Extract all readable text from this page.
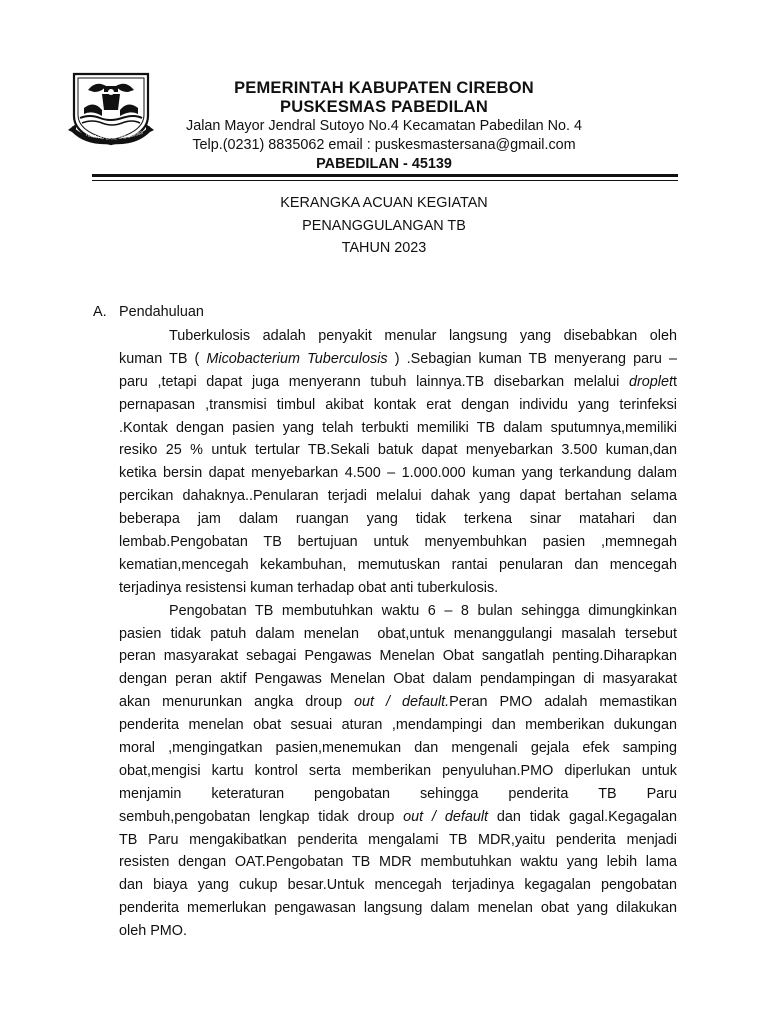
TOHA HO DARE SAS ODANG
PEMERINTAH KABUPATEN CIREBON
PUSKESMAS PABEDILAN
Jalan Mayor Jendral Sutoyo No.4 Kecamatan Pabedilan No. 4
Telp.(0231) 8835062 email : puskesmastersana@gmail.com
PABEDILAN - 45139
KERANGKA ACUAN KEGIATAN
PENANGGULANGAN TB
TAHUN 2023
A. Pendahuluan
Tuberkulosis adalah penyakit menular langsung yang disebabkan oleh
kuman TB ( Micobacterium Tuberculosis ) .Sebagian kuman TB menyerang paru –
paru ,tetapi dapat juga menyerann tubuh lainnya.TB disebarkan melalui droplet t
pernapasan ,transmisi timbul akibat kontak erat dengan individu yang terinfeksi
.Kontak dengan pasien yang telah terbukti memiliki TB dalam sputumnya,memiliki
resiko 25 % untuk tertular TB.Sekali batuk dapat menyebarkan 3.500 kuman,dan
ketika bersin dapat menyebarkan 4.500 – 1.000.000 kuman yang terkandung dalam
percikan dahaknya..Penularan terjadi melalui dahak yang dapat bertahan selama
beberapa jam dalam ruangan yang tidak terkena sinar matahari dan
lembab.Pengobatan TB bertujuan untuk menyembuhkan pasien ,memnegah
kematian,mencegah kekambuhan, memutuskan rantai penularan dan mencegah
terjadinya resistensi kuman terhadap obat anti tuberkulosis.
Pengobatan TB membutuhkan waktu 6 – 8 bulan sehingga dimungkinkan
pasien tidak patuh dalam menelan  obat,untuk menanggulangi masalah tersebut
peran masyarakat sebagai Pengawas Menelan Obat sangatlah penting.Diharapkan
dengan peran aktif Pengawas Menelan Obat dalam pendampingan di masyarakat
akan menurunkan angka droup out / default. Peran PMO adalah memastikan
penderita menelan obat sesuai aturan ,mendampingi dan memberikan dukungan
moral ,mengingatkan pasien,menemukan dan mengenali gejala efek samping
obat,mengisi kartu kontrol serta memberikan penyuluhan.PMO diperlukan untuk
menjamin keteraturan pengobatan sehingga penderita TB Paru
sembuh,pengobatan lengkap tidak droup out / default dan tidak gagal.Kegagalan
TB Paru mengakibatkan penderita mengalami TB MDR,yaitu penderita menjadi
resisten dengan OAT.Pengobatan TB MDR membutuhkan waktu yang lebih lama
dan biaya yang cukup besar.Untuk mencegah terjadinya kegagalan pengobatan
penderita memerlukan pengawasan langsung dalam menelan obat yang dilakukan
oleh PMO.
